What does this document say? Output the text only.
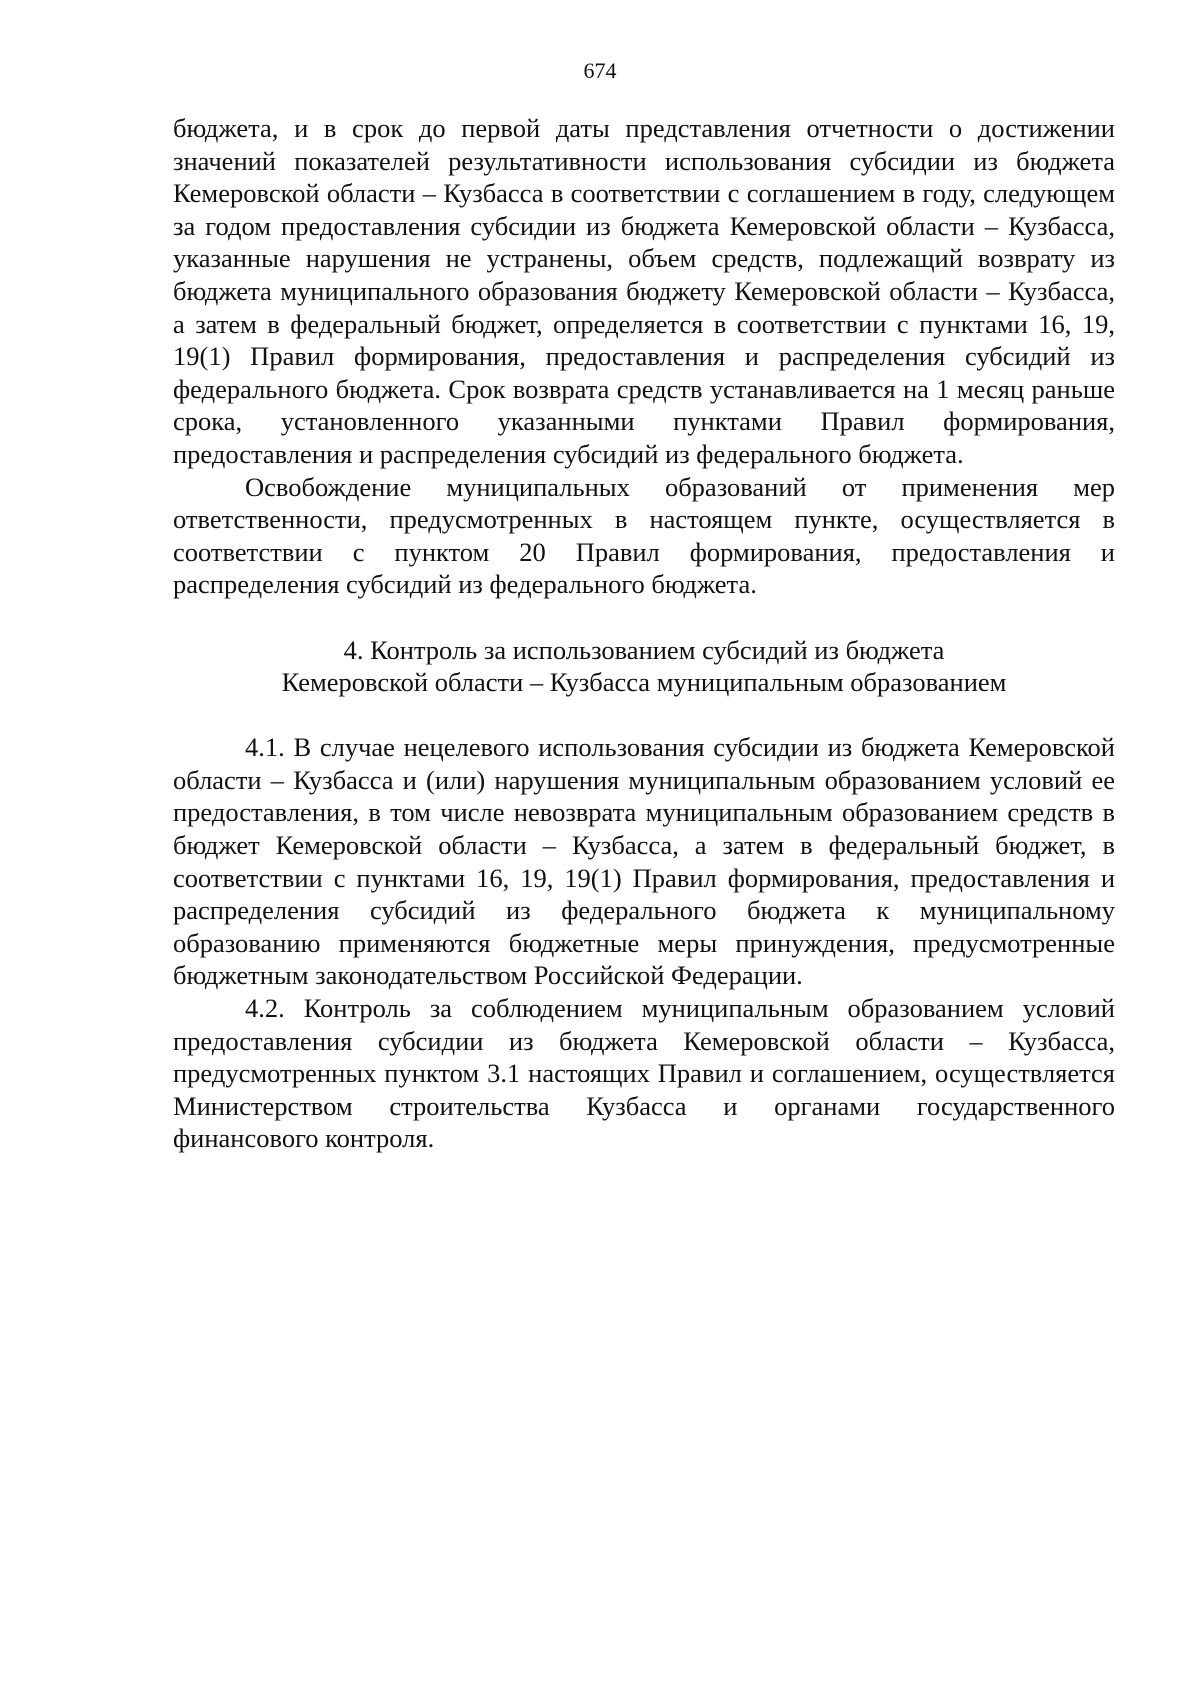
674

бюджета, и в срок до первой даты представления отчетности о достижении значений показателей результативности использования субсидии из бюджета Кемеровской области – Кузбасса в соответствии с соглашением в году, следующем за годом предоставления субсидии из бюджета Кемеровской области – Кузбасса, указанные нарушения не устранены, объем средств, подлежащий возврату из бюджета муниципального образования бюджету Кемеровской области – Кузбасса, а затем в федеральный бюджет, определяется в соответствии с пунктами 16, 19, 19(1) Правил формирования, предоставления и распределения субсидий из федерального бюджета. Срок возврата средств устанавливается на 1 месяц раньше срока, установленного указанными пунктами Правил формирования, предоставления и распределения субсидий из федерального бюджета.

Освобождение муниципальных образований от применения мер ответственности, предусмотренных в настоящем пункте, осуществляется в соответствии с пунктом 20 Правил формирования, предоставления и распределения субсидий из федерального бюджета.

4. Контроль за использованием субсидий из бюджета

Кемеровской области – Кузбасса муниципальным образованием

4.1. В случае нецелевого использования субсидии из бюджета Кемеровской области – Кузбасса и (или) нарушения муниципальным образованием условий ее предоставления, в том числе невозврата муниципальным образованием средств в бюджет Кемеровской области – Кузбасса, а затем в федеральный бюджет, в соответствии с пунктами 16, 19, 19(1) Правил формирования, предоставления и распределения субсидий из федерального бюджета к муниципальному образованию применяются бюджетные меры принуждения, предусмотренные бюджетным законодательством Российской Федерации.

4.2. Контроль за соблюдением муниципальным образованием условий предоставления субсидии из бюджета Кемеровской области – Кузбасса, предусмотренных пунктом 3.1 настоящих Правил и соглашением, осуществляется Министерством строительства Кузбасса и органами государственного финансового контроля.
